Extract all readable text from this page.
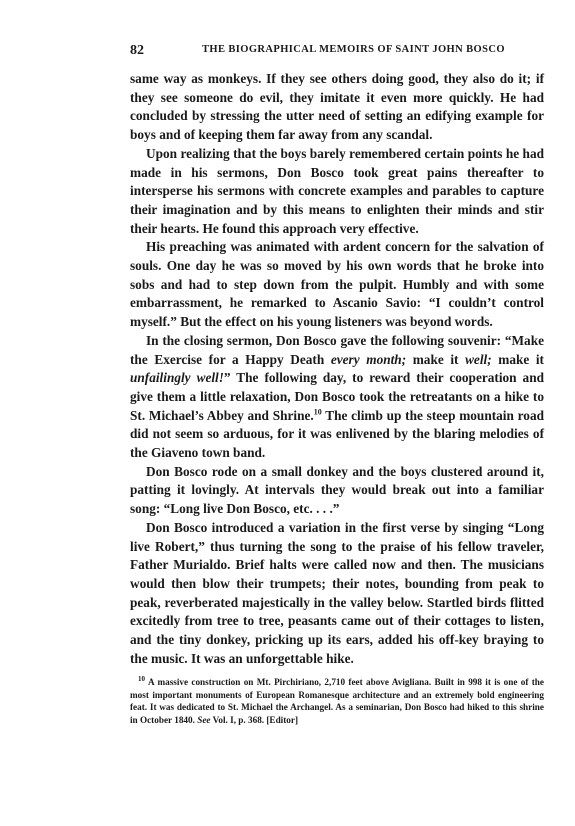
82	THE BIOGRAPHICAL MEMOIRS OF SAINT JOHN BOSCO

same way as monkeys. If they see others doing good, they also do it; if they see someone do evil, they imitate it even more quickly. He had concluded by stressing the utter need of setting an edifying example for boys and of keeping them far away from any scandal.

Upon realizing that the boys barely remembered certain points he had made in his sermons, Don Bosco took great pains thereafter to intersperse his sermons with concrete examples and parables to capture their imagination and by this means to enlighten their minds and stir their hearts. He found this approach very effective.

His preaching was animated with ardent concern for the salvation of souls. One day he was so moved by his own words that he broke into sobs and had to step down from the pulpit. Humbly and with some embarrassment, he remarked to Ascanio Savio: “I couldn’t control myself.” But the effect on his young listeners was beyond words.

In the closing sermon, Don Bosco gave the following souvenir: “Make the Exercise for a Happy Death every month; make it well; make it unfailingly well!” The following day, to reward their cooperation and give them a little relaxation, Don Bosco took the retreatants on a hike to St. Michael’s Abbey and Shrine.$^{10}$ The climb up the steep mountain road did not seem so arduous, for it was enlivened by the blaring melodies of the Giaveno town band.

Don Bosco rode on a small donkey and the boys clustered around it, patting it lovingly. At intervals they would break out into a familiar song: “Long live Don Bosco, etc. . . .”

Don Bosco introduced a variation in the first verse by singing “Long live Robert,” thus turning the song to the praise of his fellow traveler, Father Murialdo. Brief halts were called now and then. The musicians would then blow their trumpets; their notes, bounding from peak to peak, reverberated majestically in the valley below. Startled birds flitted excitedly from tree to tree, peasants came out of their cottages to listen, and the tiny donkey, pricking up its ears, added his off-key braying to the music. It was an unforgettable hike.

$^{10}$ A massive construction on Mt. Pirchiriano, 2,710 feet above Avigliana. Built in 998 it is one of the most important monuments of European Romanesque architecture and an extremely bold engineering feat. It was dedicated to St. Michael the Archangel. As a seminarian, Don Bosco had hiked to this shrine in October 1840. See Vol. I, p. 368. [Editor]
